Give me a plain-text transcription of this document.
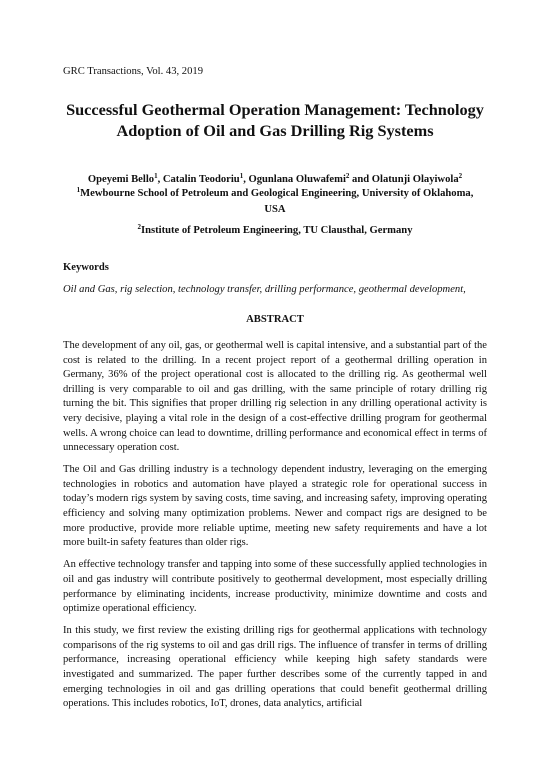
GRC Transactions, Vol. 43, 2019
Successful Geothermal Operation Management: Technology Adoption of Oil and Gas Drilling Rig Systems
Opeyemi Bello$^1$, Catalin Teodoriu$^1$, Ogunlana Oluwafemi$^2$ and Olatunji Olayiwola$^2$
$^1$Mewbourne School of Petroleum and Geological Engineering, University of Oklahoma, USA
$^2$Institute of Petroleum Engineering, TU Clausthal, Germany
Keywords
Oil and Gas, rig selection, technology transfer, drilling performance, geothermal development,
ABSTRACT

The development of any oil, gas, or geothermal well is capital intensive, and a substantial part of the cost is related to the drilling. In a recent project report of a geothermal drilling operation in Germany, 36% of the project operational cost is allocated to the drilling rig. As geothermal well drilling is very comparable to oil and gas drilling, with the same principle of rotary drilling rig turning the bit. This signifies that proper drilling rig selection in any drilling operational activity is very decisive, playing a vital role in the design of a cost-effective drilling program for geothermal wells. A wrong choice can lead to downtime, drilling performance and economical effect in terms of unnecessary operation cost.

The Oil and Gas drilling industry is a technology dependent industry, leveraging on the emerging technologies in robotics and automation have played a strategic role for operational success in today’s modern rigs system by saving costs, time saving, and increasing safety, improving operating efficiency and solving many optimization problems. Newer and compact rigs are designed to be more productive, provide more reliable uptime, meeting new safety requirements and have a lot more built-in safety features than older rigs.

An effective technology transfer and tapping into some of these successfully applied technologies in oil and gas industry will contribute positively to geothermal development, most especially drilling performance by eliminating incidents, increase productivity, minimize downtime and costs and optimize operational efficiency.

In this study, we first review the existing drilling rigs for geothermal applications with technology comparisons of the rig systems to oil and gas drill rigs. The influence of transfer in terms of drilling performance, increasing operational efficiency while keeping high safety standards were investigated and summarized. The paper further describes some of the currently tapped in and emerging technologies in oil and gas drilling operations that could benefit geothermal drilling operations. This includes robotics, IoT, drones, data analytics, artificial
